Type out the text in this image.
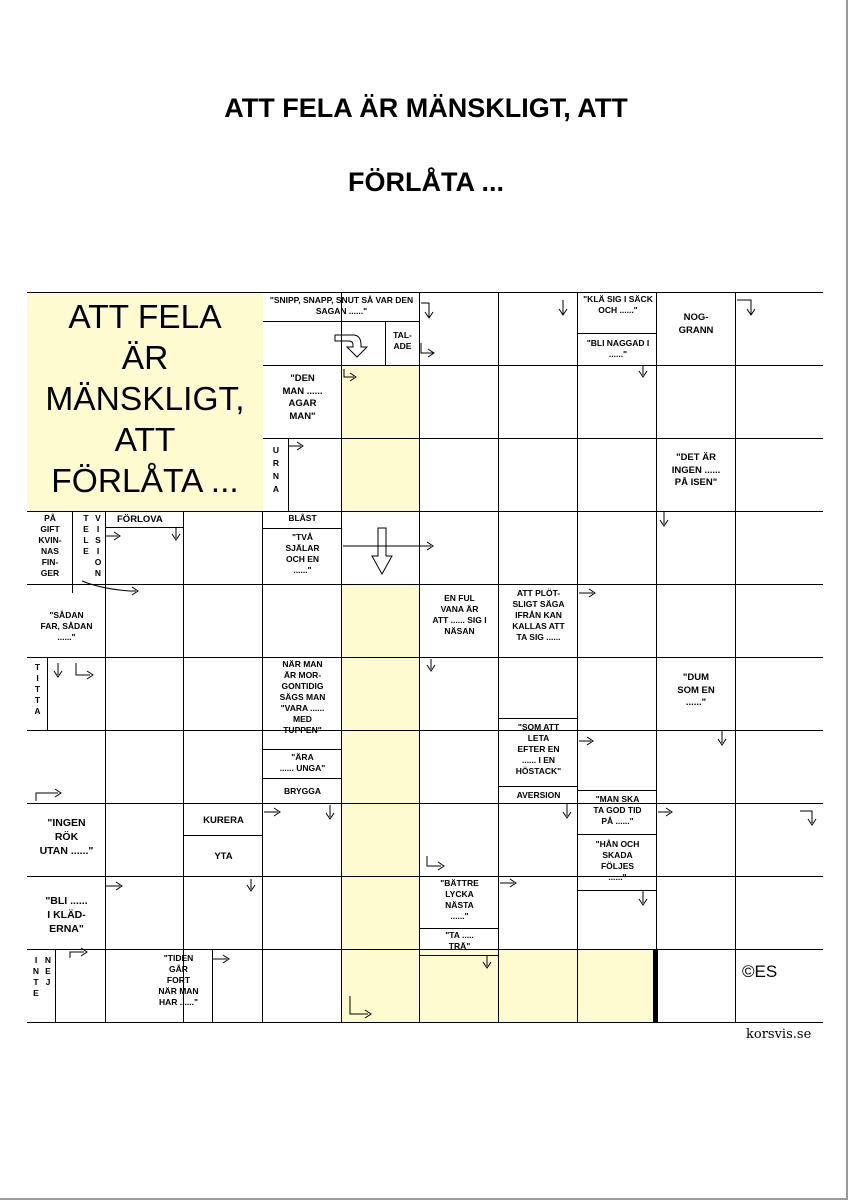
ATT FELA ÄR MÄNSKLIGT, ATT
FÖRLÅTA ...
ATT FELA
ÄR
MÄNSKLIGT,
ATT
FÖRLÅTA ...
"SNIPP, SNAPP, SNUT SÅ VAR DEN SAGAN ......"
TAL-
ADE
"KLÄ SIG I SÄCK OCH ......"
"BLI NAGGAD I ......"
NOG-
GRANN
"DEN
MAN ......
AGAR
MAN"
U
R
N
A
"DET ÄR
INGEN ......
PÅ ISEN"
PÅ
GIFT
KVIN-
NAS
FIN-
GER
T
E
L
E
V
I
S
I
O
N
FÖRLOVA	BLÅST
"TVÅ
SJÄLAR
OCH EN
......"
"SÅDAN
FAR, SÅDAN
......"
EN FUL
VANA ÄR
ATT ...... SIG I
NÄSAN
ATT PLÖT-
SLIGT SÄGA
IFRÅN KAN
KALLAS ATT
TA SIG ......
T
I
T
T
A
NÄR MAN
ÄR MOR-
GONTIDIG
SÄGS MAN
"VARA ......
MED
TUPPEN"
"DUM
SOM EN
......"
"SOM ATT
LETA
EFTER EN
...... I EN
HÖSTACK"
"ÄRA
...... UNGA"
BRYGGA	AVERSION
"INGEN
RÖK
UTAN ......"
KURERA
YTA
"MAN SKA
TA GOD TID
PÅ ......"
"HÅN OCH
SKADA
FÖLJES
......"
"BÄTTRE
LYCKA
NÄSTA
......"
"TA .....
TRÄ"
"BLI ......
I KLÄD-
ERNA"
I
N
T
E
N
E
J
"TIDEN
GÅR
FORT
NÄR MAN
HAR ......"
©ES
korsvis.se
